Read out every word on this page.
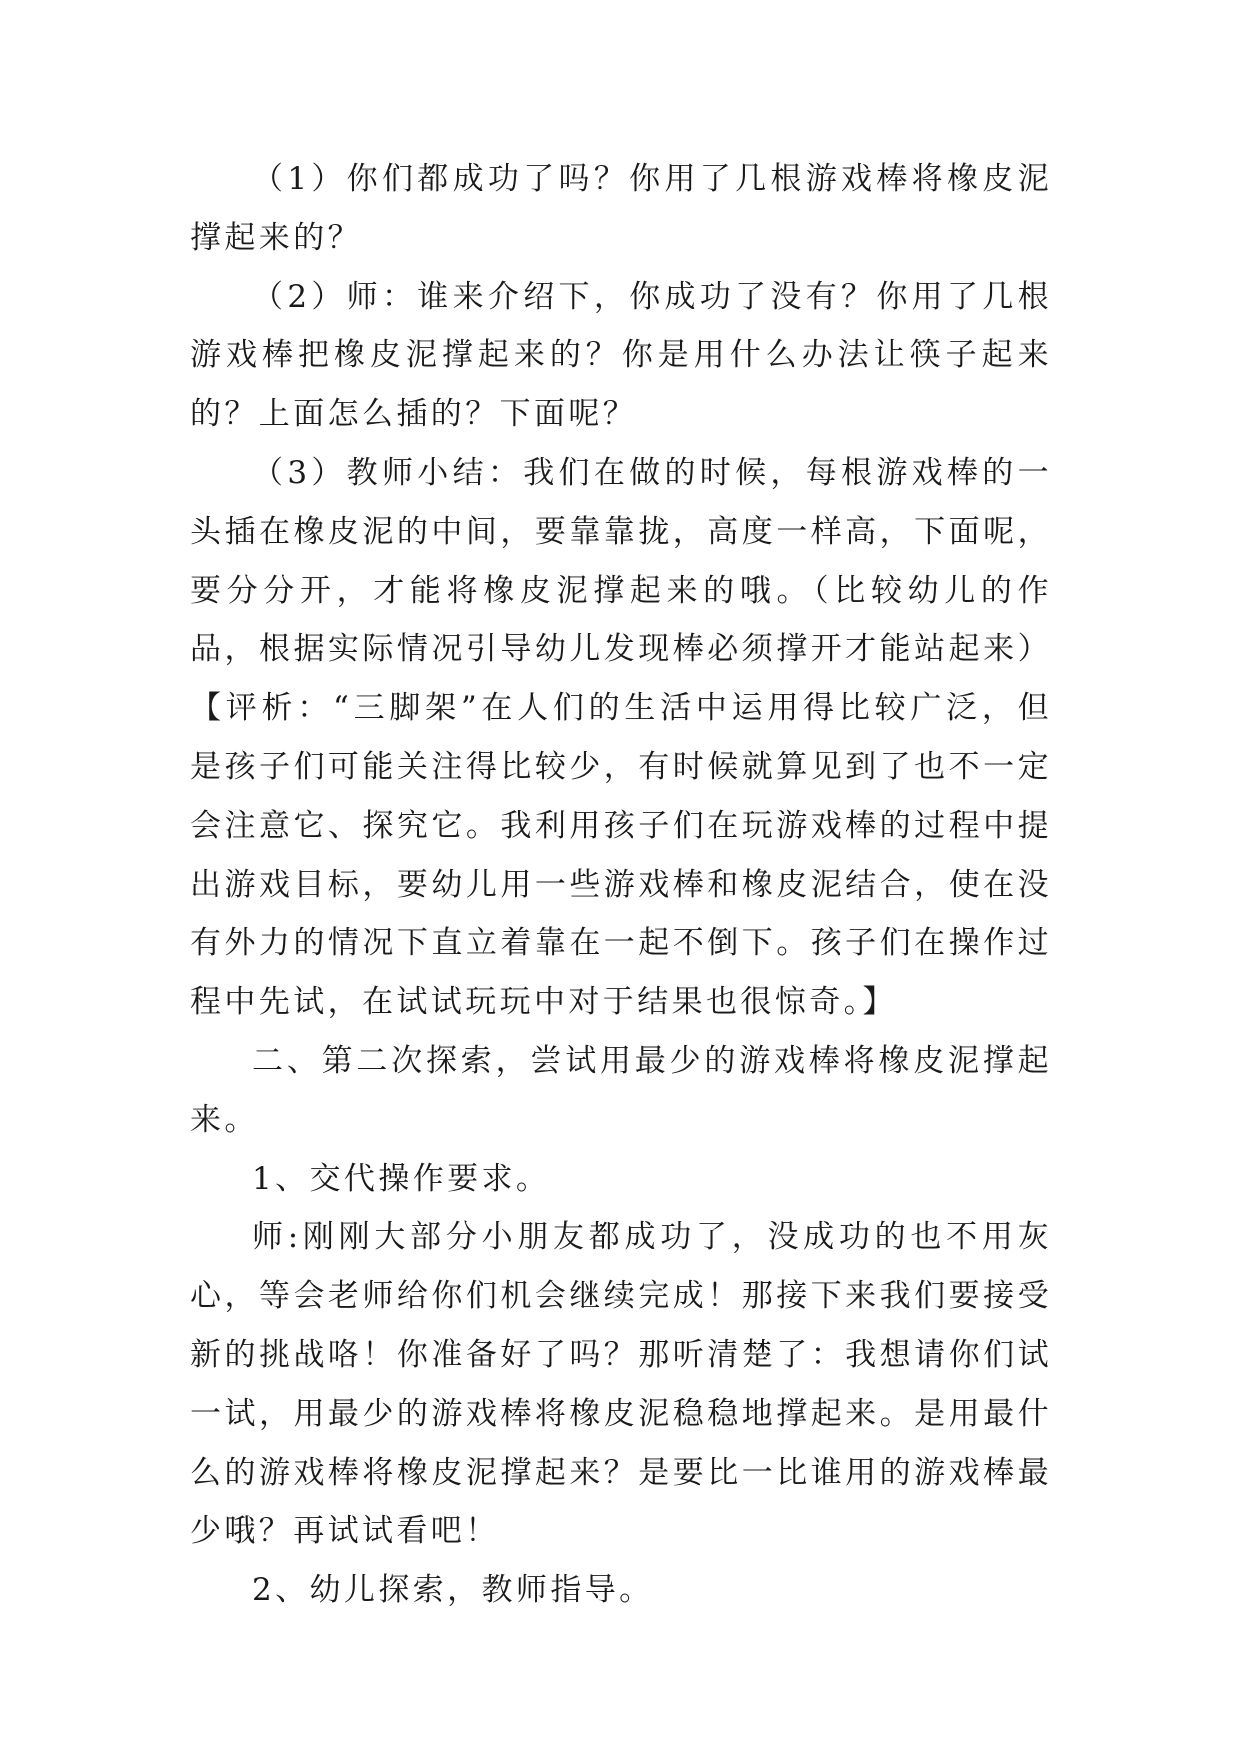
（1）你们都成功了吗？你用了几根游戏棒将橡皮泥撑起来的？

（2）师：谁来介绍下，你成功了没有？你用了几根游戏棒把橡皮泥撑起来的？你是用什么办法让筷子起来的？上面怎么插的？下面呢？

（3）教师小结：我们在做的时候，每根游戏棒的一头插在橡皮泥的中间，要靠靠拢，高度一样高，下面呢，要分分开，才能将橡皮泥撑起来的哦。（比较幼儿的作品，根据实际情况引导幼儿发现棒必须撑开才能站起来）【评析：“三脚架”在人们的生活中运用得比较广泛，但是孩子们可能关注得比较少，有时候就算见到了也不一定会注意它、探究它。我利用孩子们在玩游戏棒的过程中提出游戏目标，要幼儿用一些游戏棒和橡皮泥结合，使在没有外力的情况下直立着靠在一起不倒下。孩子们在操作过程中先试，在试试玩玩中对于结果也很惊奇。】

二、第二次探索，尝试用最少的游戏棒将橡皮泥撑起来。

1、交代操作要求。

师:刚刚大部分小朋友都成功了，没成功的也不用灰心，等会老师给你们机会继续完成！那接下来我们要接受新的挑战咯！你准备好了吗？那听清楚了：我想请你们试一试，用最少的游戏棒将橡皮泥稳稳地撑起来。是用最什么的游戏棒将橡皮泥撑起来？是要比一比谁用的游戏棒最少哦？再试试看吧！

2、幼儿探索，教师指导。
